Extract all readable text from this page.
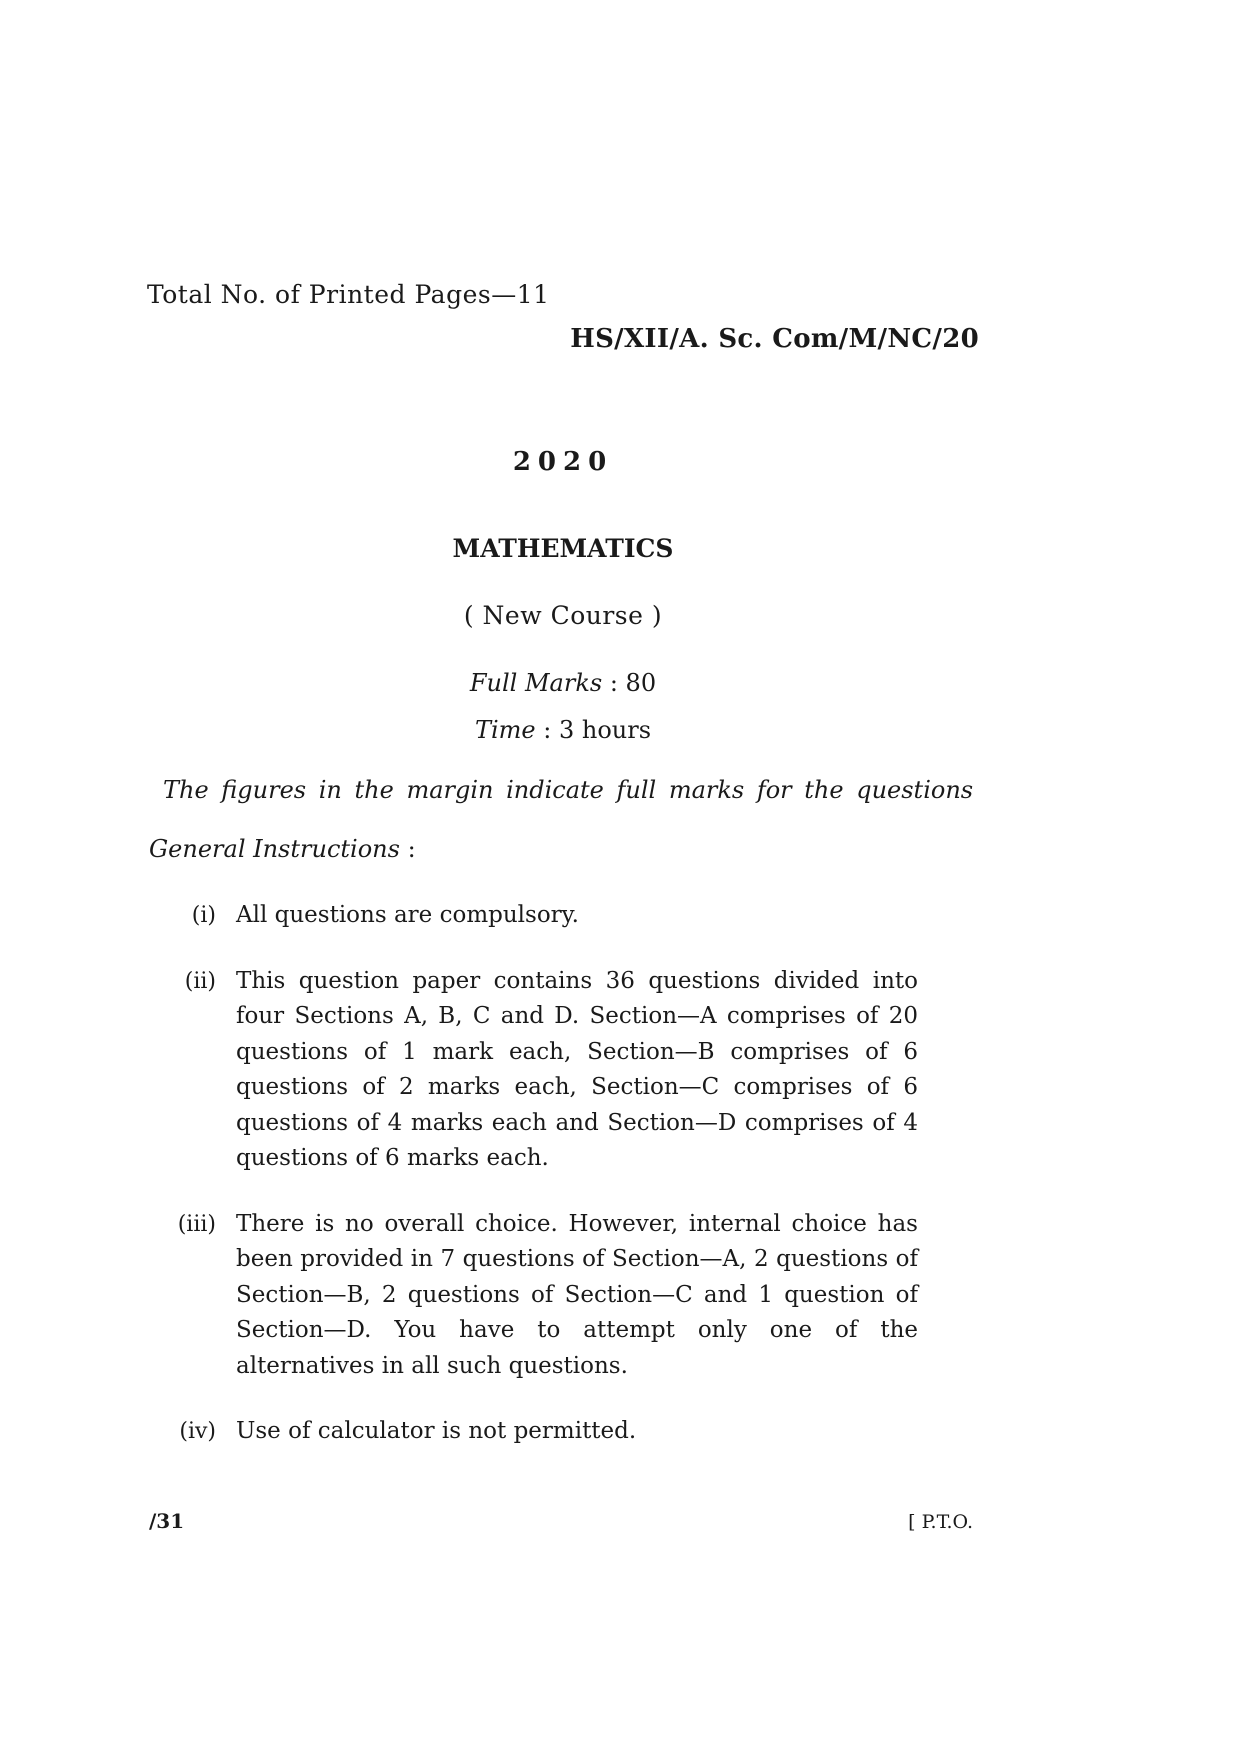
Total No. of Printed Pages—11
HS/XII/A. Sc. Com/M/NC/20
2020
MATHEMATICS
( New Course )
Full Marks : 80
Time : 3 hours
The figures in the margin indicate full marks for the questions
General Instructions :
(i) All questions are compulsory.
(ii) This question paper contains 36 questions divided into four Sections A, B, C and D. Section—A comprises of 20 questions of 1 mark each, Section—B comprises of 6 questions of 2 marks each, Section—C comprises of 6 questions of 4 marks each and Section—D comprises of 4 questions of 6 marks each.
(iii) There is no overall choice. However, internal choice has been provided in 7 questions of Section—A, 2 questions of Section—B, 2 questions of Section—C and 1 question of Section—D. You have to attempt only one of the alternatives in all such questions.
(iv) Use of calculator is not permitted.
/31	[ P.T.O.
